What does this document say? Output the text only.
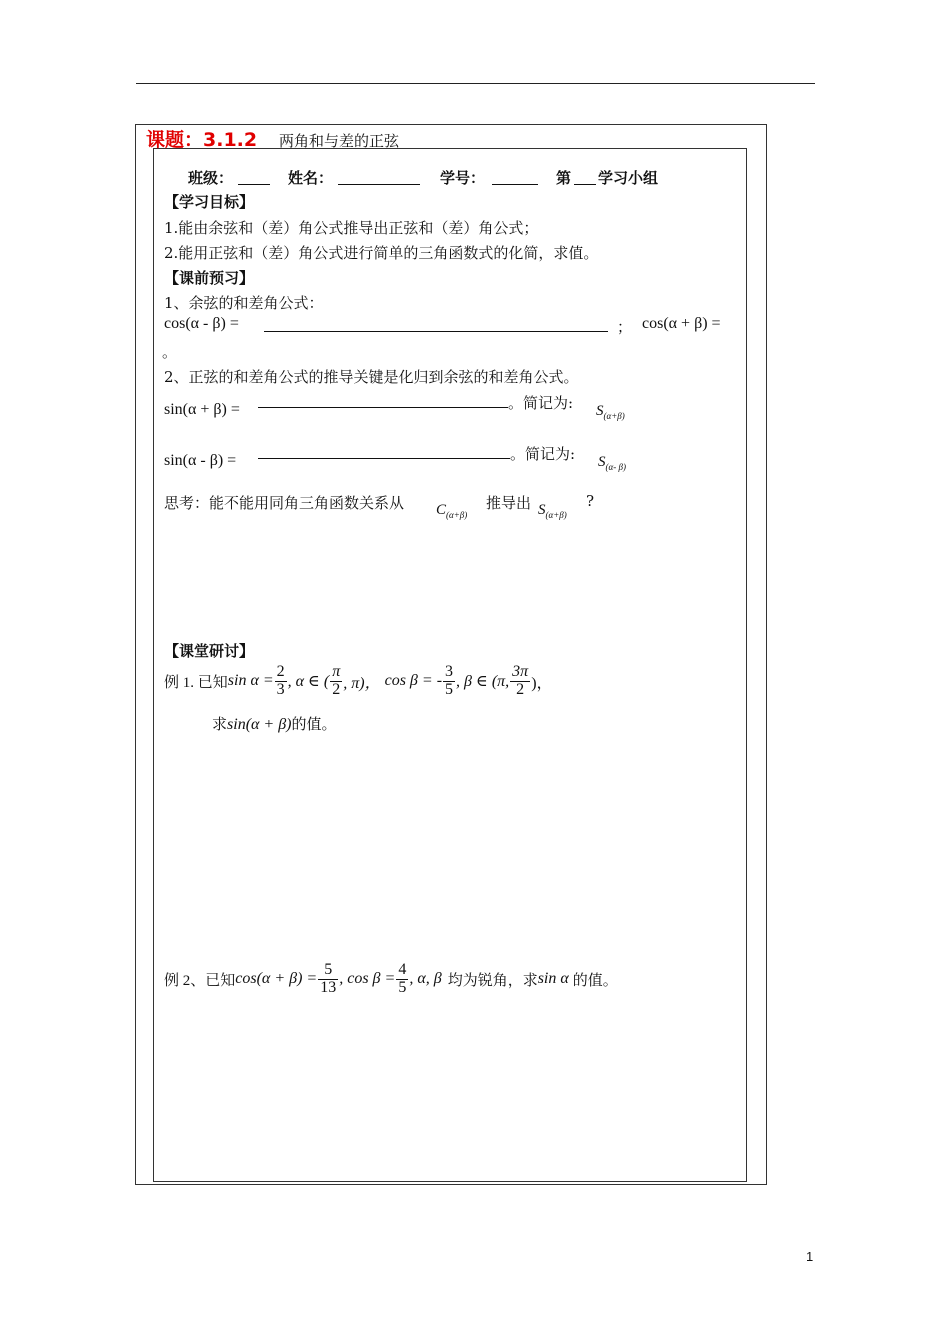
课题：3.1.2 两角和与差的正弦
班级：	姓名：	学号：	第 学习小组
【学习目标】
1.能由余弦和（差）角公式推导出正弦和（差）角公式；
2.能用正弦和（差）角公式进行简单的三角函数式的化简，求值。
【课前预习】
1、余弦的和差角公式：
cos(α - β) =	； cos(α + β) =
。
2、正弦的和差角公式的推导关键是化归到余弦的和差角公式。
sin(α + β) =	。简记为: $S_{(\alpha+\beta)}$
sin(α - β) =	。简记为: $S_{(\alpha- \beta)}$
思考：能不能用同角三角函数关系从 $C_{(\alpha+\beta)}$
推导出 $S_{(\alpha+\beta)}$
?
【课堂研讨】
例 1. 已知 $\sin \alpha = \frac{2}{3}$ , α ∈ ( $\frac{\pi}{2}$ , π)， cos β = - $\frac{3}{5}$ , β ∈ (π, $\frac{3\pi}{2}$ )，
求sin(α + β)的值。
例 2、已知 $\cos(\alpha + \beta) = \frac{5}{13}$ , $\cos \beta = \frac{4}{5}$ , α, β 均为锐角，求 sin α 的值。
1
